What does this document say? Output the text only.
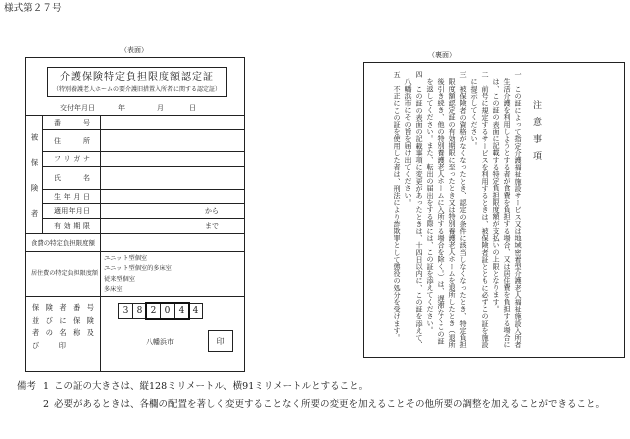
様式第２７号
（表面）
（裏面）
介護保険特定負担限度額認定証
（特別養護老人ホームの要介護旧措置入所者に関する認定証）
交付年月日	年	月	日
被保険者
番号
住所
フリガナ
氏名
生年月日
適用年月日	から
有効期限	まで
食費の特定負担限度額
居住費の特定負担限度額
ユニット型個室
ユニット型個室的多床室
従来型個室
多床室
保険者番号
並びに保険
者の名称及
び印
3 8 2 0 4 4
八幡浜市	印
注意事項

一この証によって指定介護福祉施設サービス又は地域密着型介護老人福祉施設入所者生活介護を利用しようとする者が食費を負担する場合、又は居住費を負担する場合には、この証の表面に記載する特定負担限度額が支払いの上限となります。

二前号に規定するサービスを利用するときは、被保険者証とともに必ずこの証を施設に提示してください。

三被保険者の資格がなくなったとき、認定の条件に該当しなくなったとき、特定負担限度額認定証の有効期限に至ったとき又は特別養護老人ホームを退所したとき（退所後引き続き、他の特別養護老人ホームに入所する場合を除く。）は、遅滞なくこの証を返してください。また、転出の届出をする際には、この証を添えてください。

四この証の表面の記載事項に変更があったときは、十四日以内に、この証を添えて、八幡浜市にその旨を届け出てください。

五不正にこの証を使用した者は、刑法により詐欺罪として懲役の処分を受けます。

備考 1 この証の大きさは、縦128ミリメートル、横91ミリメートルとすること。
2 必要があるときは、各欄の配置を著しく変更することなく所要の変更を加えることその他所要の調整を加えることができること。
